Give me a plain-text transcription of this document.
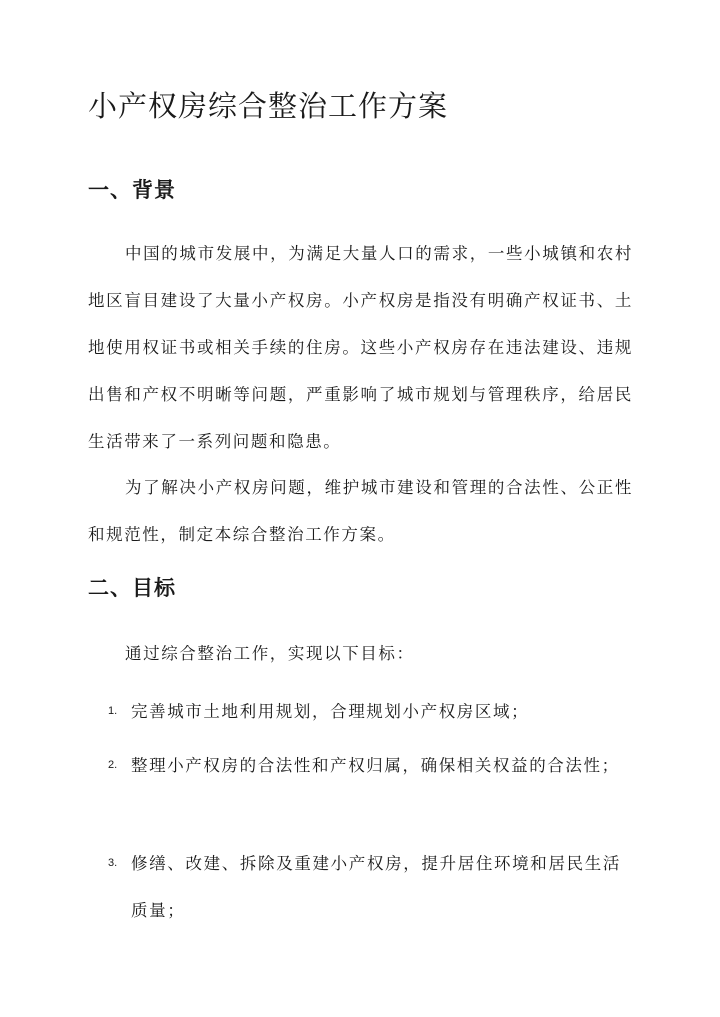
小产权房综合整治工作方案
一、背景

中国的城市发展中，为满足大量人口的需求，一些小城镇和农村地区盲目建设了大量小产权房。小产权房是指没有明确产权证书、土地使用权证书或相关手续的住房。这些小产权房存在违法建设、违规出售和产权不明晰等问题，严重影响了城市规划与管理秩序，给居民生活带来了一系列问题和隐患。

为了解决小产权房问题，维护城市建设和管理的合法性、公正性和规范性，制定本综合整治工作方案。

二、目标

通过综合整治工作，实现以下目标：

1. 完善城市土地利用规划，合理规划小产权房区域；

2. 整理小产权房的合法性和产权归属，确保相关权益的合法性；

3. 修缮、改建、拆除及重建小产权房，提升居住环境和居民生活质量；
